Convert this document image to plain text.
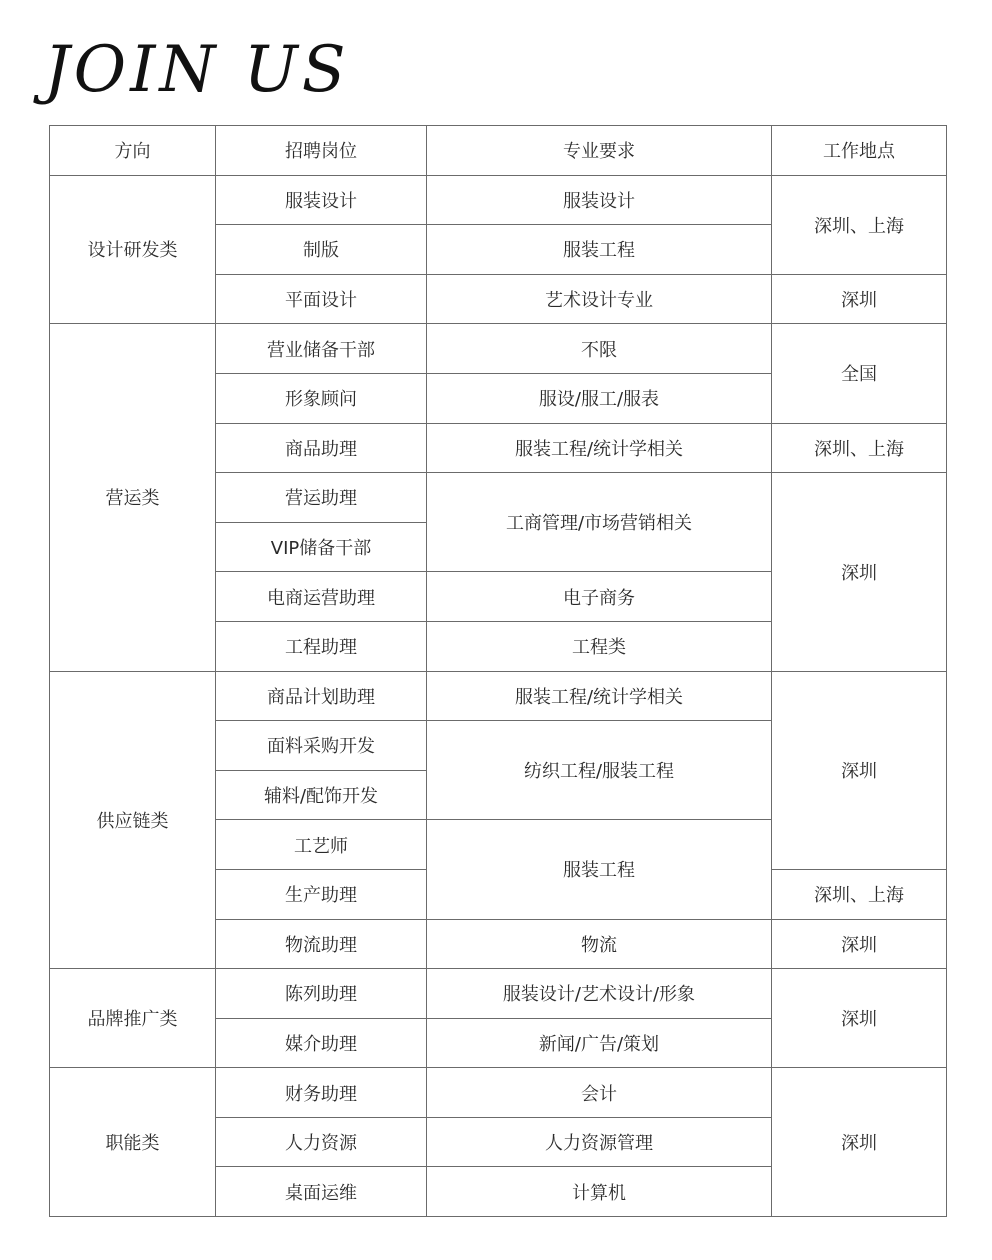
JOIN US
方向	招聘岗位	专业要求	工作地点
设计研发类	服装设计	服装设计	深圳、上海
	制版	服装工程	
	平面设计	艺术设计专业	深圳
营运类	营业储备干部	不限	全国
	形象顾问	服设/服工/服表	
	商品助理	服装工程/统计学相关	深圳、上海
	营运助理	工商管理/市场营销相关	深圳
	VIP储备干部		
	电商运营助理	电子商务	
	工程助理	工程类	
供应链类	商品计划助理	服装工程/统计学相关	深圳
	面料采购开发	纺织工程/服装工程	
	辅料/配饰开发		
	工艺师	服装工程	
	生产助理		深圳、上海
	物流助理	物流	深圳
品牌推广类	陈列助理	服装设计/艺术设计/形象	深圳
	媒介助理	新闻/广告/策划	
职能类	财务助理	会计	深圳
	人力资源	人力资源管理	
	桌面运维	计算机	
